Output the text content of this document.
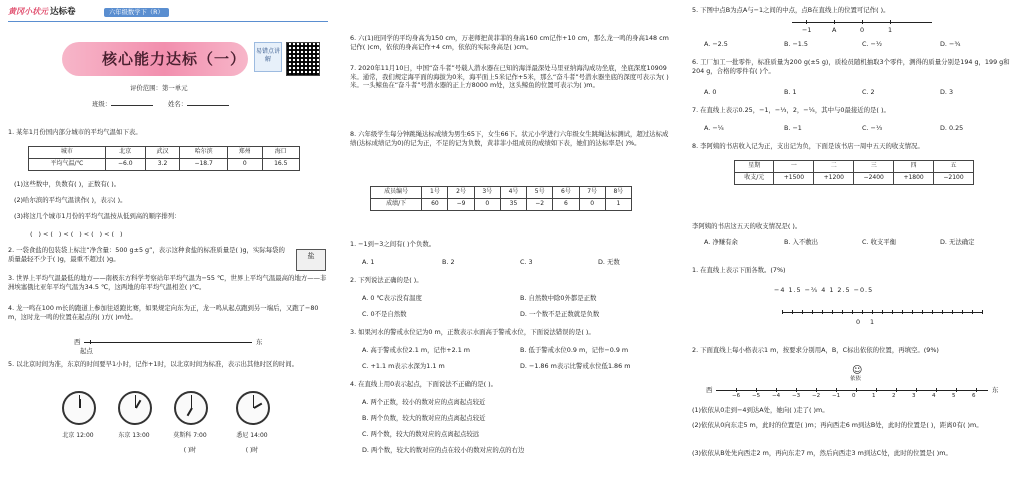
黄冈小状元 达标卷	六年级数学下（R）
核心能力达标（一）	易错点讲解
评价范围：第一单元
班级：	姓名：
1. 某年1月份国内部分城市的平均气温如下表。
城市	北京	武汉	哈尔滨	郑州	海口
平均气温/℃	−6.0	3.2	−18.7	0	16.5
(1)这些数中，负数有( )，正数有( )。
(2)哈尔滨的平均气温读作( )，表示( )。
(3)将这几个城市1月份的平均气温按从低到高的顺序排列：
( )<( )<( )<( )<( )
2. 一袋食盐的包装袋上标注“净含量：500 g±5 g”，表示这种食盐的标准质量是( )g，实际每袋的质量最轻不少于( )g，最重不超过( )g。	盐
3. 世界上平均气温最低的地方——南极东方科学考察站年平均气温为−55 ℃，世界上平均气温最高的地方——非洲埃塞俄比亚年平均气温为34.5 ℃，这两地的年平均气温相差( )℃。
4. 龙一鸣在100 m长的跑道上参加往返跑比赛，如果规定向东为正，龙一鸣从起点跑到另一端后，又跑了−80 m，这时龙一鸣的位置在起点的( )方( )m处。
西	东
起点
5. 以北京时间为准，东京的时间要早1小时，记作+1时，以北京时间为标准，表示出其他时区的时间。
北京 12:00	东京 13:00	莫斯科 7:00	悉尼 14:00
( )时	( )时
6. 六(1)班同学的平均身高为150 cm，万老师把黄菲菲的身高160 cm记作+10 cm，那么龙一鸣的身高148 cm记作( )cm，依依的身高记作+4 cm，依依的实际身高是( )cm。
7. 2020年11月10日，中国“奋斗者”号载人潜水器在已知的海洋最深处马里亚纳海沟成功坐底，坐底深度10909米。通常，我们规定海平面的海拔为0米，海平面上5米记作+5米，那么“奋斗者”号潜水器坐底的深度可表示为( )米。一头鲸鱼在“奋斗者”号潜水器的正上方8000 m处，这头鲸鱼的位置可表示为( )m。
8. 六年级学生每分钟跳绳达标成绩为男生65下，女生66下。状元小学进行六年级女生跳绳达标测试，超过达标成绩(达标成绩记为0)的记为正，不足的记为负数，黄菲菲小组成员的成绩如下表，她们的达标率是( )%。
成员编号	1号	2号	3号	4号	5号	6号	7号	8号
成绩/下	60	−9	0	35	−2	6	0	1
1. −1到−3之间有( )个负数。
A. 1	B. 2	C. 3	D. 无数
2. 下列说法正确的是( )。
A. 0 ℃表示没有温度	B. 自然数中除0外都是正数
C. 0不是自然数	D. 一个数不是正数就是负数
3. 如果河水的警戒水位记为0 m，正数表示水面高于警戒水位，下面说法错误的是( )。
A. 高于警戒水位2.1 m，记作+2.1 m	B. 低于警戒水位0.9 m，记作−0.9 m
C. +1.1 m表示水深为1.1 m	D. −1.86 m表示比警戒水位低1.86 m
4. 在直线上用0表示起点，下面说法不正确的是( )。
A. 两个正数，较小的数对应的点离起点较近
B. 两个负数，较大的数对应的点离起点较近
C. 两个数，较大的数对应的点离起点较远
D. 两个数，较大的数对应的点在较小的数对应的点的右边
5. 下图中点B为点A与−1之间的中点，点B在直线上的位置可记作( )。
−1	A	0	1
A. −2.5	B. −1.5	C. −½	D. −¾
6. 工厂加工一批零件，标准质量为200 g(±5 g)，质检员随机抽取3个零件，测得的质量分别是194 g，199 g和204 g，合格的零件有( )个。
A. 0	B. 1	C. 2	D. 3
7. 在直线上表示0.25，−1，−⅓，2，−¼，其中与0最接近的是( )。
A. −¼	B. −1	C. −⅓	D. 0.25
8. 李阿姨的书店收入记为正，支出记为负，下面是该书店一周中五天的收支情况。
星期	一	二	三	四	五
收支/元	+1500	+1200	−2400	+1800	−2100
李阿姨的书店这五天的收支情况是( )。
A. 净赚有余	B. 入不敷出	C. 收支平衡	D. 无法确定
1. 在直线上表示下面各数。(7%)
−4 1.5 −⅖ 4 1 2.5 −0.5
0 1
2. 下面直线上每小格表示1 m，按要求分别用A，B，C标出依依的位置，再填空。(9%)
☺
依依
西	东
−6 −5 −4 −3 −2 −1 0	1	2	3	4	5	6
(1)依依从0走到−4到达A处，她向( )走了( )m。
(2)依依从0向东走5 m，此时的位置是( )m；再向西走6 m到达B处，此时的位置是( )，距离0有( )m。
(3)依依从B处先向西走2 m，再向东走7 m，然后向西走3 m到达C处，此时的位置是( )m。
